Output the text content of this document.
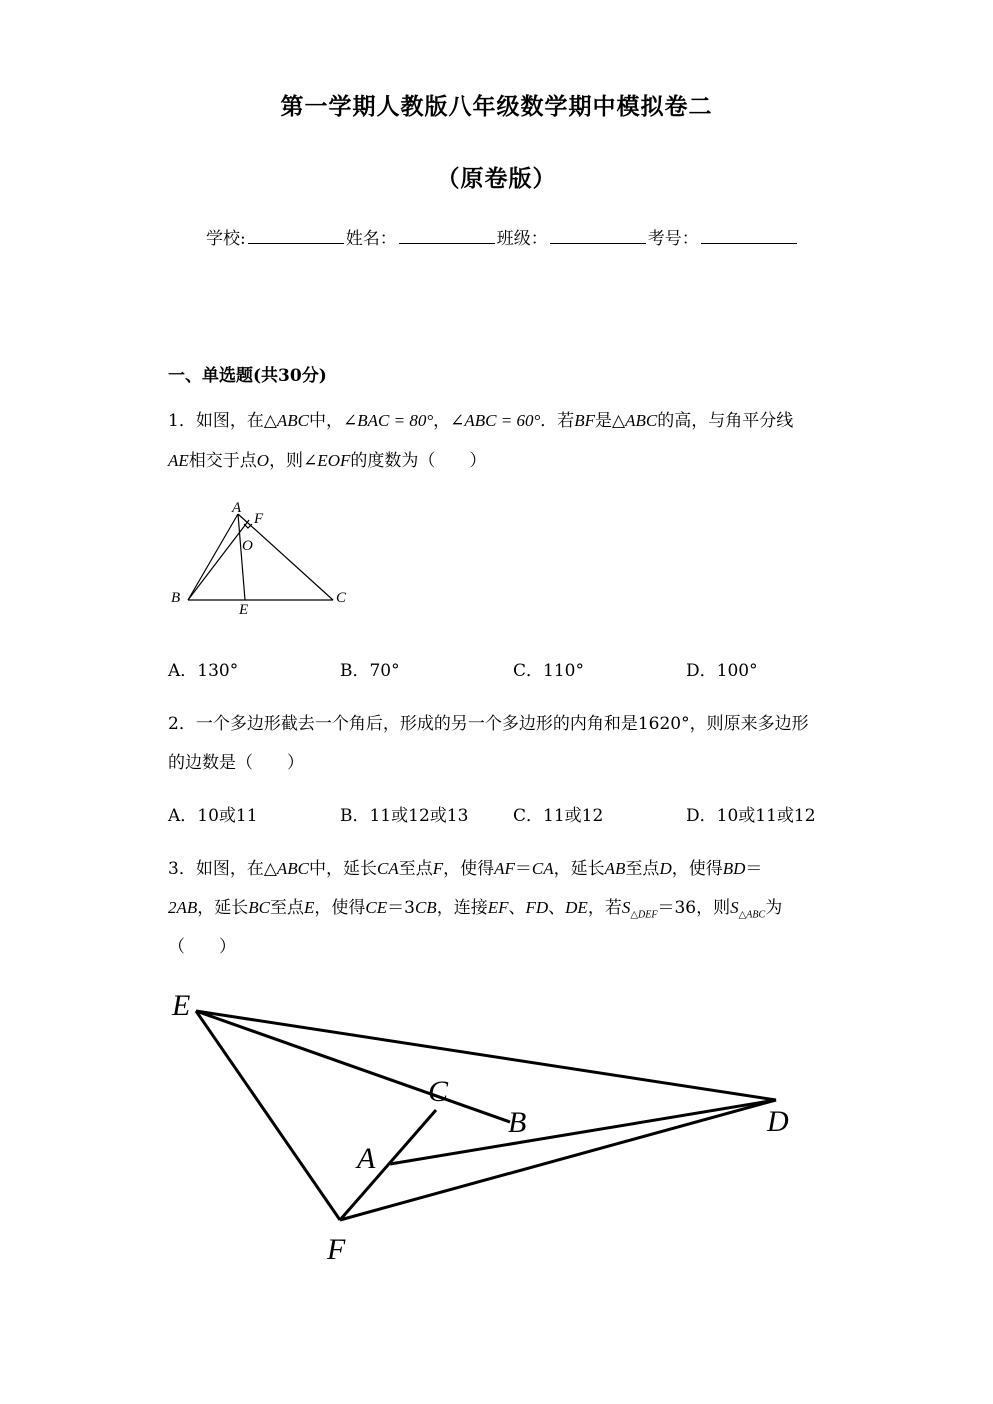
第一学期人教版八年级数学期中模拟卷二
（原卷版）
学校:	姓名：	班级：	考号：
一、单选题(共30分)
1．如图，在△ABC中，∠BAC = 80°，∠ABC = 60°．若BF是△ABC的高，与角平分线
AE相交于点O，则∠EOF的度数为（　　）
A
F
O
B
E
C
A．130°	B．70°	C．110°	D．100°
2．一个多边形截去一个角后，形成的另一个多边形的内角和是1620°，则原来多边形
的边数是（　　）
A．10或11	B．11或12或13	C．11或12	D．10或11或12
3．如图，在△ABC中，延长CA至点F，使得AF＝CA，延长AB至点D，使得BD＝
2AB，延长BC至点E，使得CE＝3CB，连接EF、FD、DE，若$S_{\triangle DEF}=36$，则$S_{\triangle ABC}$为
（　　）
E
C
B	D
A
F
